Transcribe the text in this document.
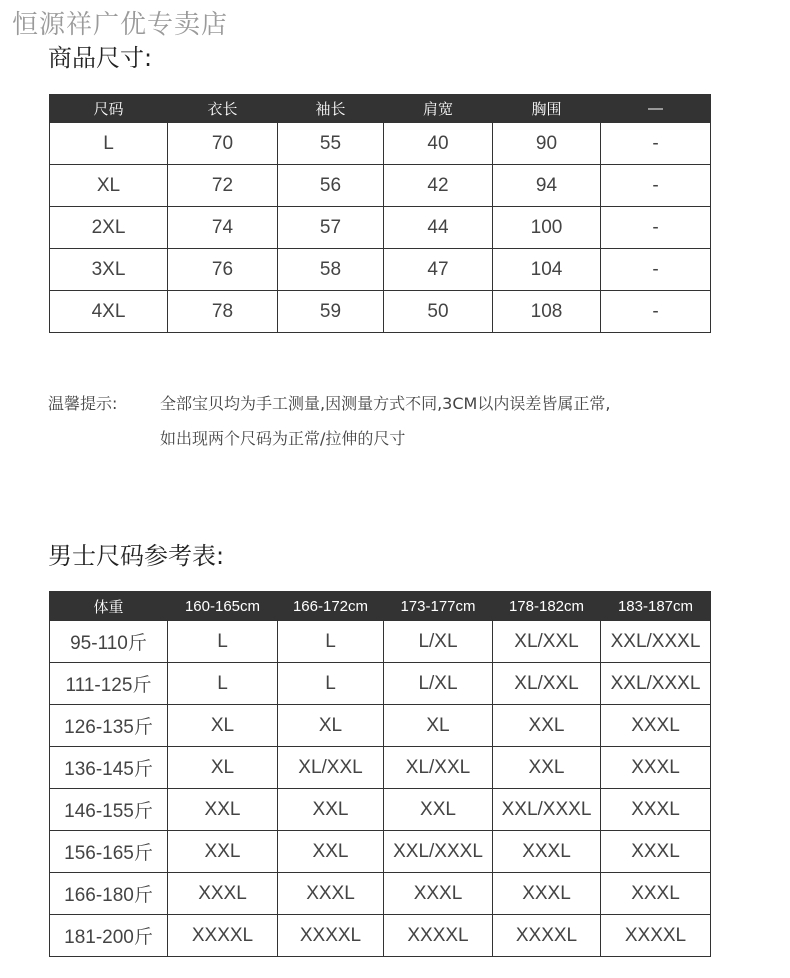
恒源祥广优专卖店
商品尺寸:
尺码	衣长	袖长	肩宽	胸围	—
L	70	55	40	90	-
XL	72	56	42	94	-
2XL	74	57	44	100	-
3XL	76	58	47	104	-
4XL	78	59	50	108	-
温馨提示:	全部宝贝均为手工测量,因测量方式不同,3CM以内误差皆属正常,
如出现两个尺码为正常/拉伸的尺寸
男士尺码参考表:
体重	160-165cm	166-172cm	173-177cm	178-182cm	183-187cm
95-110斤	L	L	L/XL	XL/XXL	XXL/XXXL
111-125斤	L	L	L/XL	XL/XXL	XXL/XXXL
126-135斤	XL	XL	XL	XXL	XXXL
136-145斤	XL	XL/XXL	XL/XXL	XXL	XXXL
146-155斤	XXL	XXL	XXL	XXL/XXXL	XXXL
156-165斤	XXL	XXL	XXL/XXXL	XXXL	XXXL
166-180斤	XXXL	XXXL	XXXL	XXXL	XXXL
181-200斤	XXXXL	XXXXL	XXXXL	XXXXL	XXXXL
